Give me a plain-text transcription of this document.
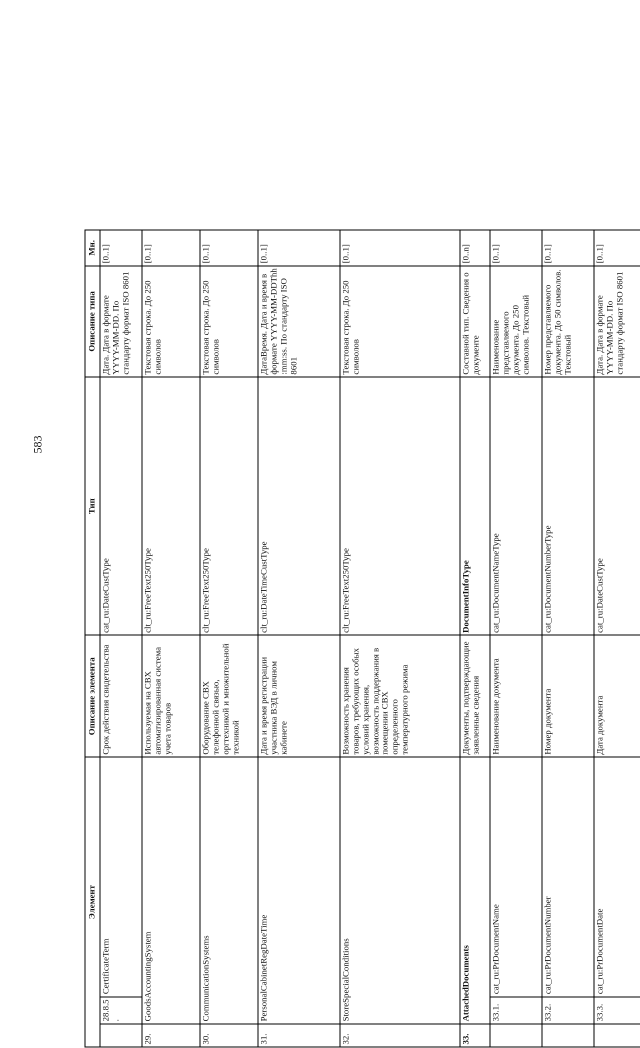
583
Элемент			Описание элемента	Тип	Описание типа	Мн.
	28.8.5.	CertificateTerm	Срок действия свидетельства	cat_ru:DateCustType	Дата. Дата в формате YYYY-MM-DD. По стандарту формат ISO 8601	[0..1]
29.	GoodsAccountingSystem		Используемая на СВХ автоматизированная система учета товаров	clt_ru:FreeText250Type	Текстовая строка. До 250 символов	[0..1]
30.	CommunicationSystems		Оборудование СВХ телефонной связью, оргтехникой и множительной техникой	clt_ru:FreeText250Type	Текстовая строка. До 250 символов	[0..1]
31.	PersonalCabinetRegDateTime		Дата и время регистрации участника ВЭД в личном кабинете	clt_ru:DateTimeCustType	ДатаВремя. Дата и время в формате YYYY-MM-DDThh :mm:ss. По стандарту ISO 8601	[0..1]
32.	StoreSpecialConditions		Возможность хранения товаров, требующих особых условий хранения, возможность поддержания в помещении СВХ определенного температурного режима	clt_ru:FreeText250Type	Текстовая строка. До 250 символов	[0..1]
33.	AttachedDocuments		Документы, подтверждающие заявленные сведения	DocumentInfoType	Составной тип. Сведения о документе	[0..n]
	33.1.	cat_ru:PrDocumentName	Наименование документа	cat_ru:DocumentNameType	Наименование представляемого документа. До 250 символов. Текстовый	[0..1]
	33.2.	cat_ru:PrDocumentNumber	Номер документа	cat_ru:DocumentNumberType	Номер представляемого документа. До 50 символов. Текстовый	[0..1]
	33.3.	cat_ru:PrDocumentDate	Дата документа	cat_ru:DateCustType	Дата. Дата в формате YYYY-MM-DD. По стандарту формат ISO 8601	[0..1]
